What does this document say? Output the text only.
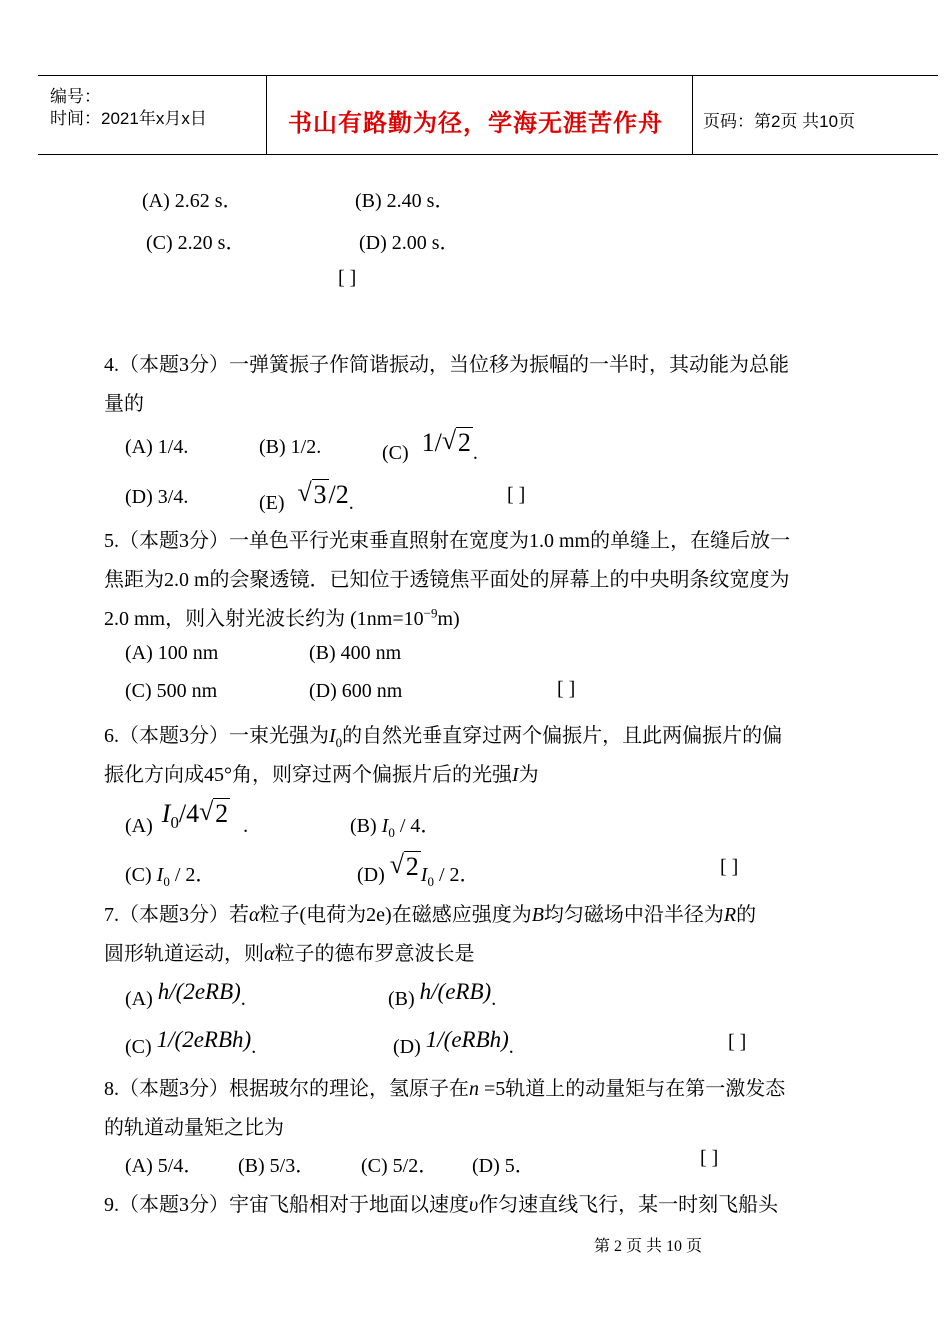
编号：
时间：2021年x月x日	书山有路勤为径，学海无涯苦作舟 页码：第2页 共10页
(A) 2.62 s．	(B) 2.40 s．
(C) 2.20 s．	(D) 2.00 s．
[ ]
4.（本题3分）一弹簧振子作简谐振动，当位移为振幅的一半时，其动能为总能
量的
(A) 1/4.	(B) 1/2.	(C) 1/√ 2 .
(D) 3/4.	(E) √ 3/2.	[ ]
5.（本题3分）一单色平行光束垂直照射在宽度为1.0 mm的单缝上，在缝后放一
焦距为2.0 m的会聚透镜．已知位于透镜焦平面处的屏幕上的中央明条纹宽度为
2.0 mm，则入射光波长约为 $(1nm=10^{-9}m)$
(A) 100 nm	(B) 400 nm
(C) 500 nm	(D) 600 nm	[ ]
6.（本题3分）一束光强为$I_0$的自然光垂直穿过两个偏振片，且此两偏振片的偏
振化方向成45°角，则穿过两个偏振片后的光强I为
(A) $I_0/4√$ 2 .	(B) $I_0 / 4$．
(C) $I_0 / 2$．	(D) √ 2 $I_0 / 2$．	[ ]
7.（本题3分）若α粒子(电荷为2e)在磁感应强度为B均匀磁场中沿半径为R的
圆形轨道运动，则α粒子的德布罗意波长是
(A) h/(2eRB).	(B) h/(eRB).
(C) 1/(2eRBh).	(D) 1/(eRBh).	[ ]
8.（本题3分）根据玻尔的理论，氢原子在n =5轨道上的动量矩与在第一激发态
的轨道动量矩之比为
(A) 5/4． (B) 5/3． (C) 5/2． (D) 5．	[ ]
9.（本题3分）宇宙飞船相对于地面以速度υ作匀速直线飞行，某一时刻飞船头
第 2 页 共 10 页
